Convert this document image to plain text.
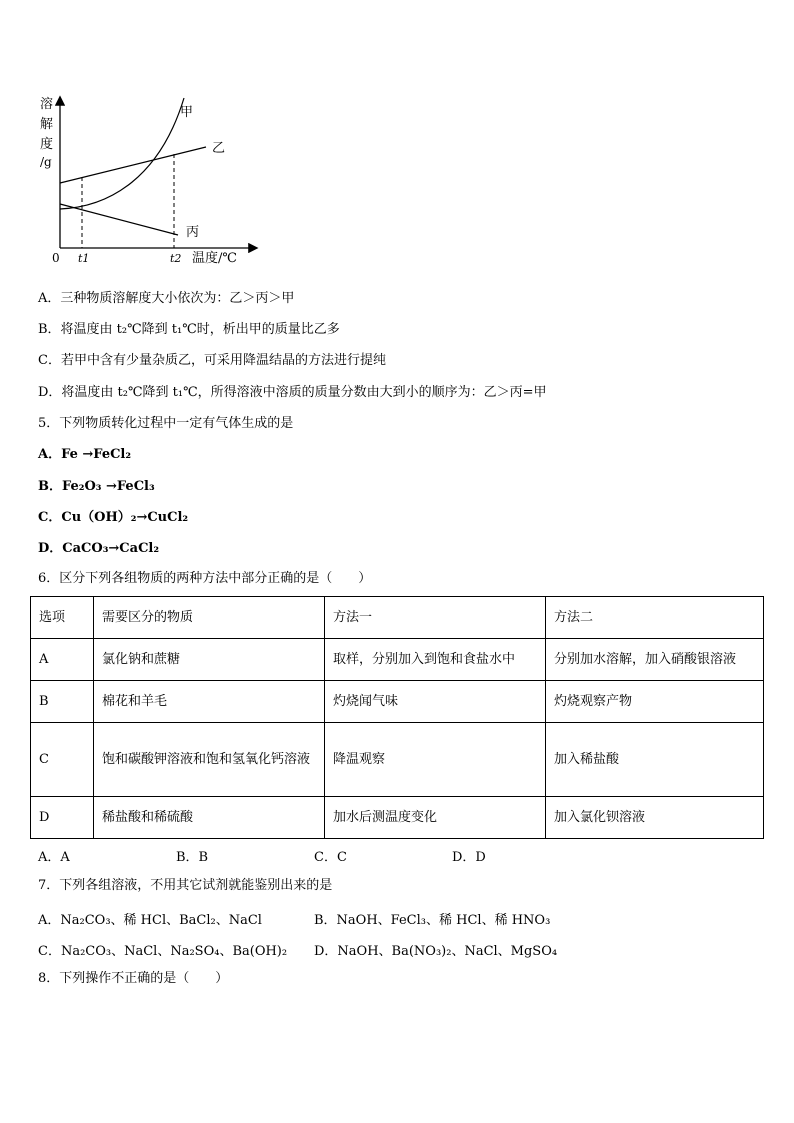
溶
解
度
/g
0 t1	t2 温度/℃
甲
乙
丙
A．三种物质溶解度大小依次为：乙＞丙＞甲
B．将温度由 t₂℃降到 t₁℃时，析出甲的质量比乙多
C．若甲中含有少量杂质乙，可采用降温结晶的方法进行提纯
D．将温度由 t₂℃降到 t₁℃，所得溶液中溶质的质量分数由大到小的顺序为：乙＞丙=甲
5．下列物质转化过程中一定有气体生成的是
A．Fe →FeCl₂
B．Fe₂O₃ →FeCl₃
C．Cu（OH）₂→CuCl₂
D．CaCO₃→CaCl₂
6．区分下列各组物质的两种方法中部分正确的是（　　）
选项	需要区分的物质	方法一	方法二
A	氯化钠和蔗糖	取样，分别加入到饱和食盐水中	分别加水溶解，加入硝酸银溶液
B	棉花和羊毛	灼烧闻气味	灼烧观察产物
C	饱和碳酸钾溶液和饱和氢氧化钙溶液	降温观察	加入稀盐酸
D	稀盐酸和稀硫酸	加水后测温度变化	加入氯化钡溶液
A．A	B．B	C．C	D．D
7．下列各组溶液，不用其它试剂就能鉴别出来的是
A．Na₂CO₃、稀 HCl、BaCl₂、NaCl	B．NaOH、FeCl₃、稀 HCl、稀 HNO₃
C．Na₂CO₃、NaCl、Na₂SO₄、Ba(OH)₂ D．NaOH、Ba(NO₃)₂、NaCl、MgSO₄
8．下列操作不正确的是（　　）
